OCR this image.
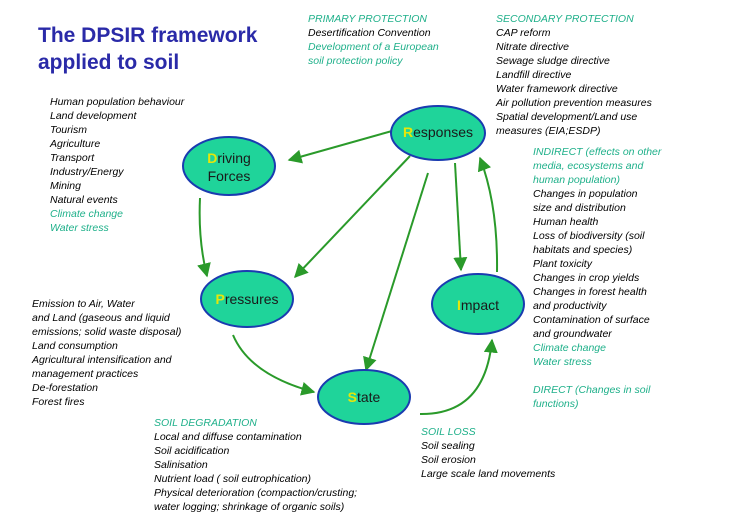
The DPSIR framework
applied to soil
Responses
Driving
Forces
Pressures
State
Impact
PRIMARY PROTECTION
Desertification Convention
Development of a European
soil protection policy
SECONDARY PROTECTION
CAP reform
Nitrate directive
Sewage sludge directive
Landfill directive
Water framework directive
Air pollution prevention measures
Spatial development/Land use
measures (EIA;ESDP)
Human population behaviour
Land development
Tourism
Agriculture
Transport
Industry/Energy
Mining
Natural events
Climate change
Water stress
Emission to Air, Water
and Land (gaseous and liquid
emissions; solid waste disposal)
Land consumption
Agricultural intensification and
management practices
De-forestation
Forest fires
INDIRECT (effects on other
media, ecosystems and
human population)
Changes in population
size and distribution
Human health
Loss of biodiversity (soil
habitats and species)
Plant toxicity
Changes in crop yields
Changes in forest health
and productivity
Contamination of surface
and groundwater
Climate change
Water stress
DIRECT (Changes in soil
functions)
SOIL DEGRADATION
Local and diffuse contamination
Soil acidification
Salinisation
Nutrient load ( soil eutrophication)
Physical deterioration (compaction/crusting;
water logging; shrinkage of organic soils)
SOIL LOSS
Soil sealing
Soil erosion
Large scale land movements
